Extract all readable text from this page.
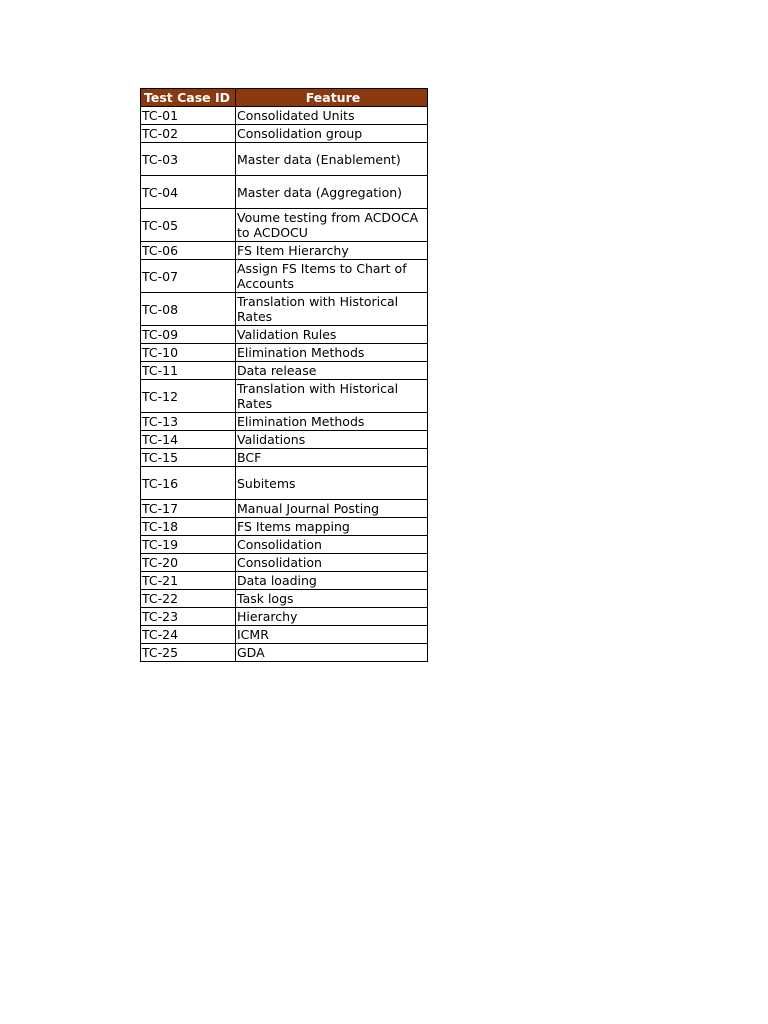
Test Case ID	Feature
TC-01	Consolidated Units
TC-02	Consolidation group
TC-03	Master data (Enablement)
TC-04	Master data (Aggregation)
TC-05	Voume testing from ACDOCA to ACDOCU
TC-06	FS Item Hierarchy
TC-07	Assign FS Items to Chart of Accounts
TC-08	Translation with Historical Rates
TC-09	Validation Rules
TC-10	Elimination Methods
TC-11	Data release
TC-12	Translation with Historical Rates
TC-13	Elimination Methods
TC-14	Validations
TC-15	BCF
TC-16	Subitems
TC-17	Manual Journal Posting
TC-18	FS Items mapping
TC-19	Consolidation
TC-20	Consolidation
TC-21	Data loading
TC-22	Task logs
TC-23	Hierarchy
TC-24	ICMR
TC-25	GDA
